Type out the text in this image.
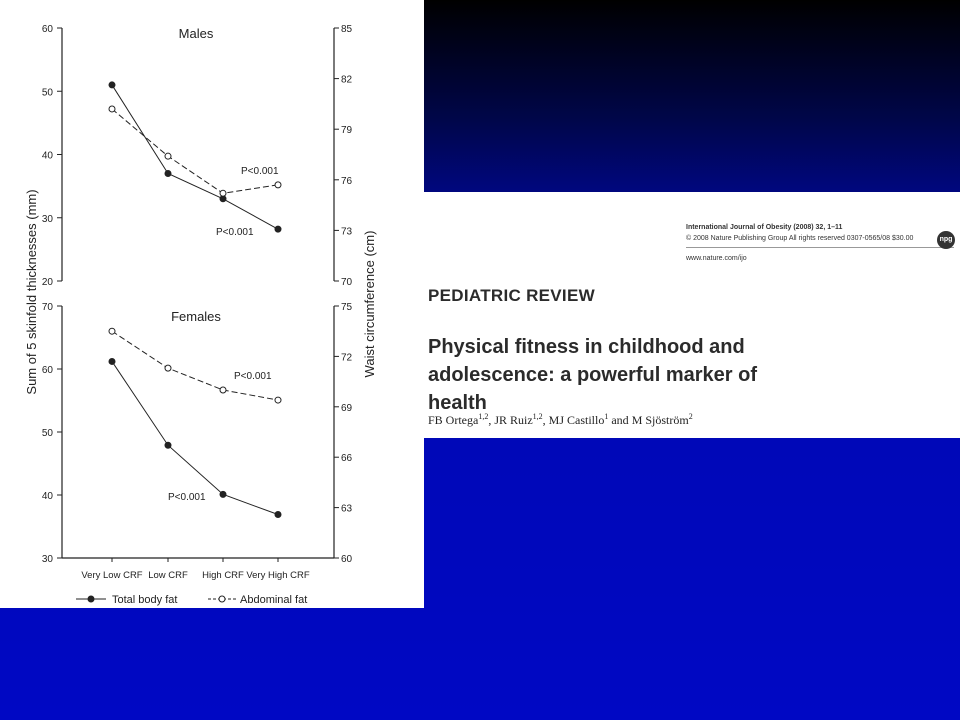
20
30
40
50
60
70
73
76
79
82
85
Males
P<0.001
P<0.001
30
40
50
60
70
60
63
66
69
72
75
Females
P<0.001
P<0.001
Very Low CRF Low CRF High CRF Very High CRF
Sum of 5 skinfold thicknesses (mm)	Waist circumference (cm)
Total body fat	Abdominal fat
International Journal of Obesity (2008) 32, 1–11
© 2008 Nature Publishing Group All rights reserved 0307-0565/08 $30.00
www.nature.com/ijo
npg
PEDIATRIC REVIEW
Physical fitness in childhood and adolescence: a powerful marker of health
FB Ortega$^{1,2}$, JR Ruiz$^{1,2}$, MJ Castillo$^1$ and M Sjöström$^2$
